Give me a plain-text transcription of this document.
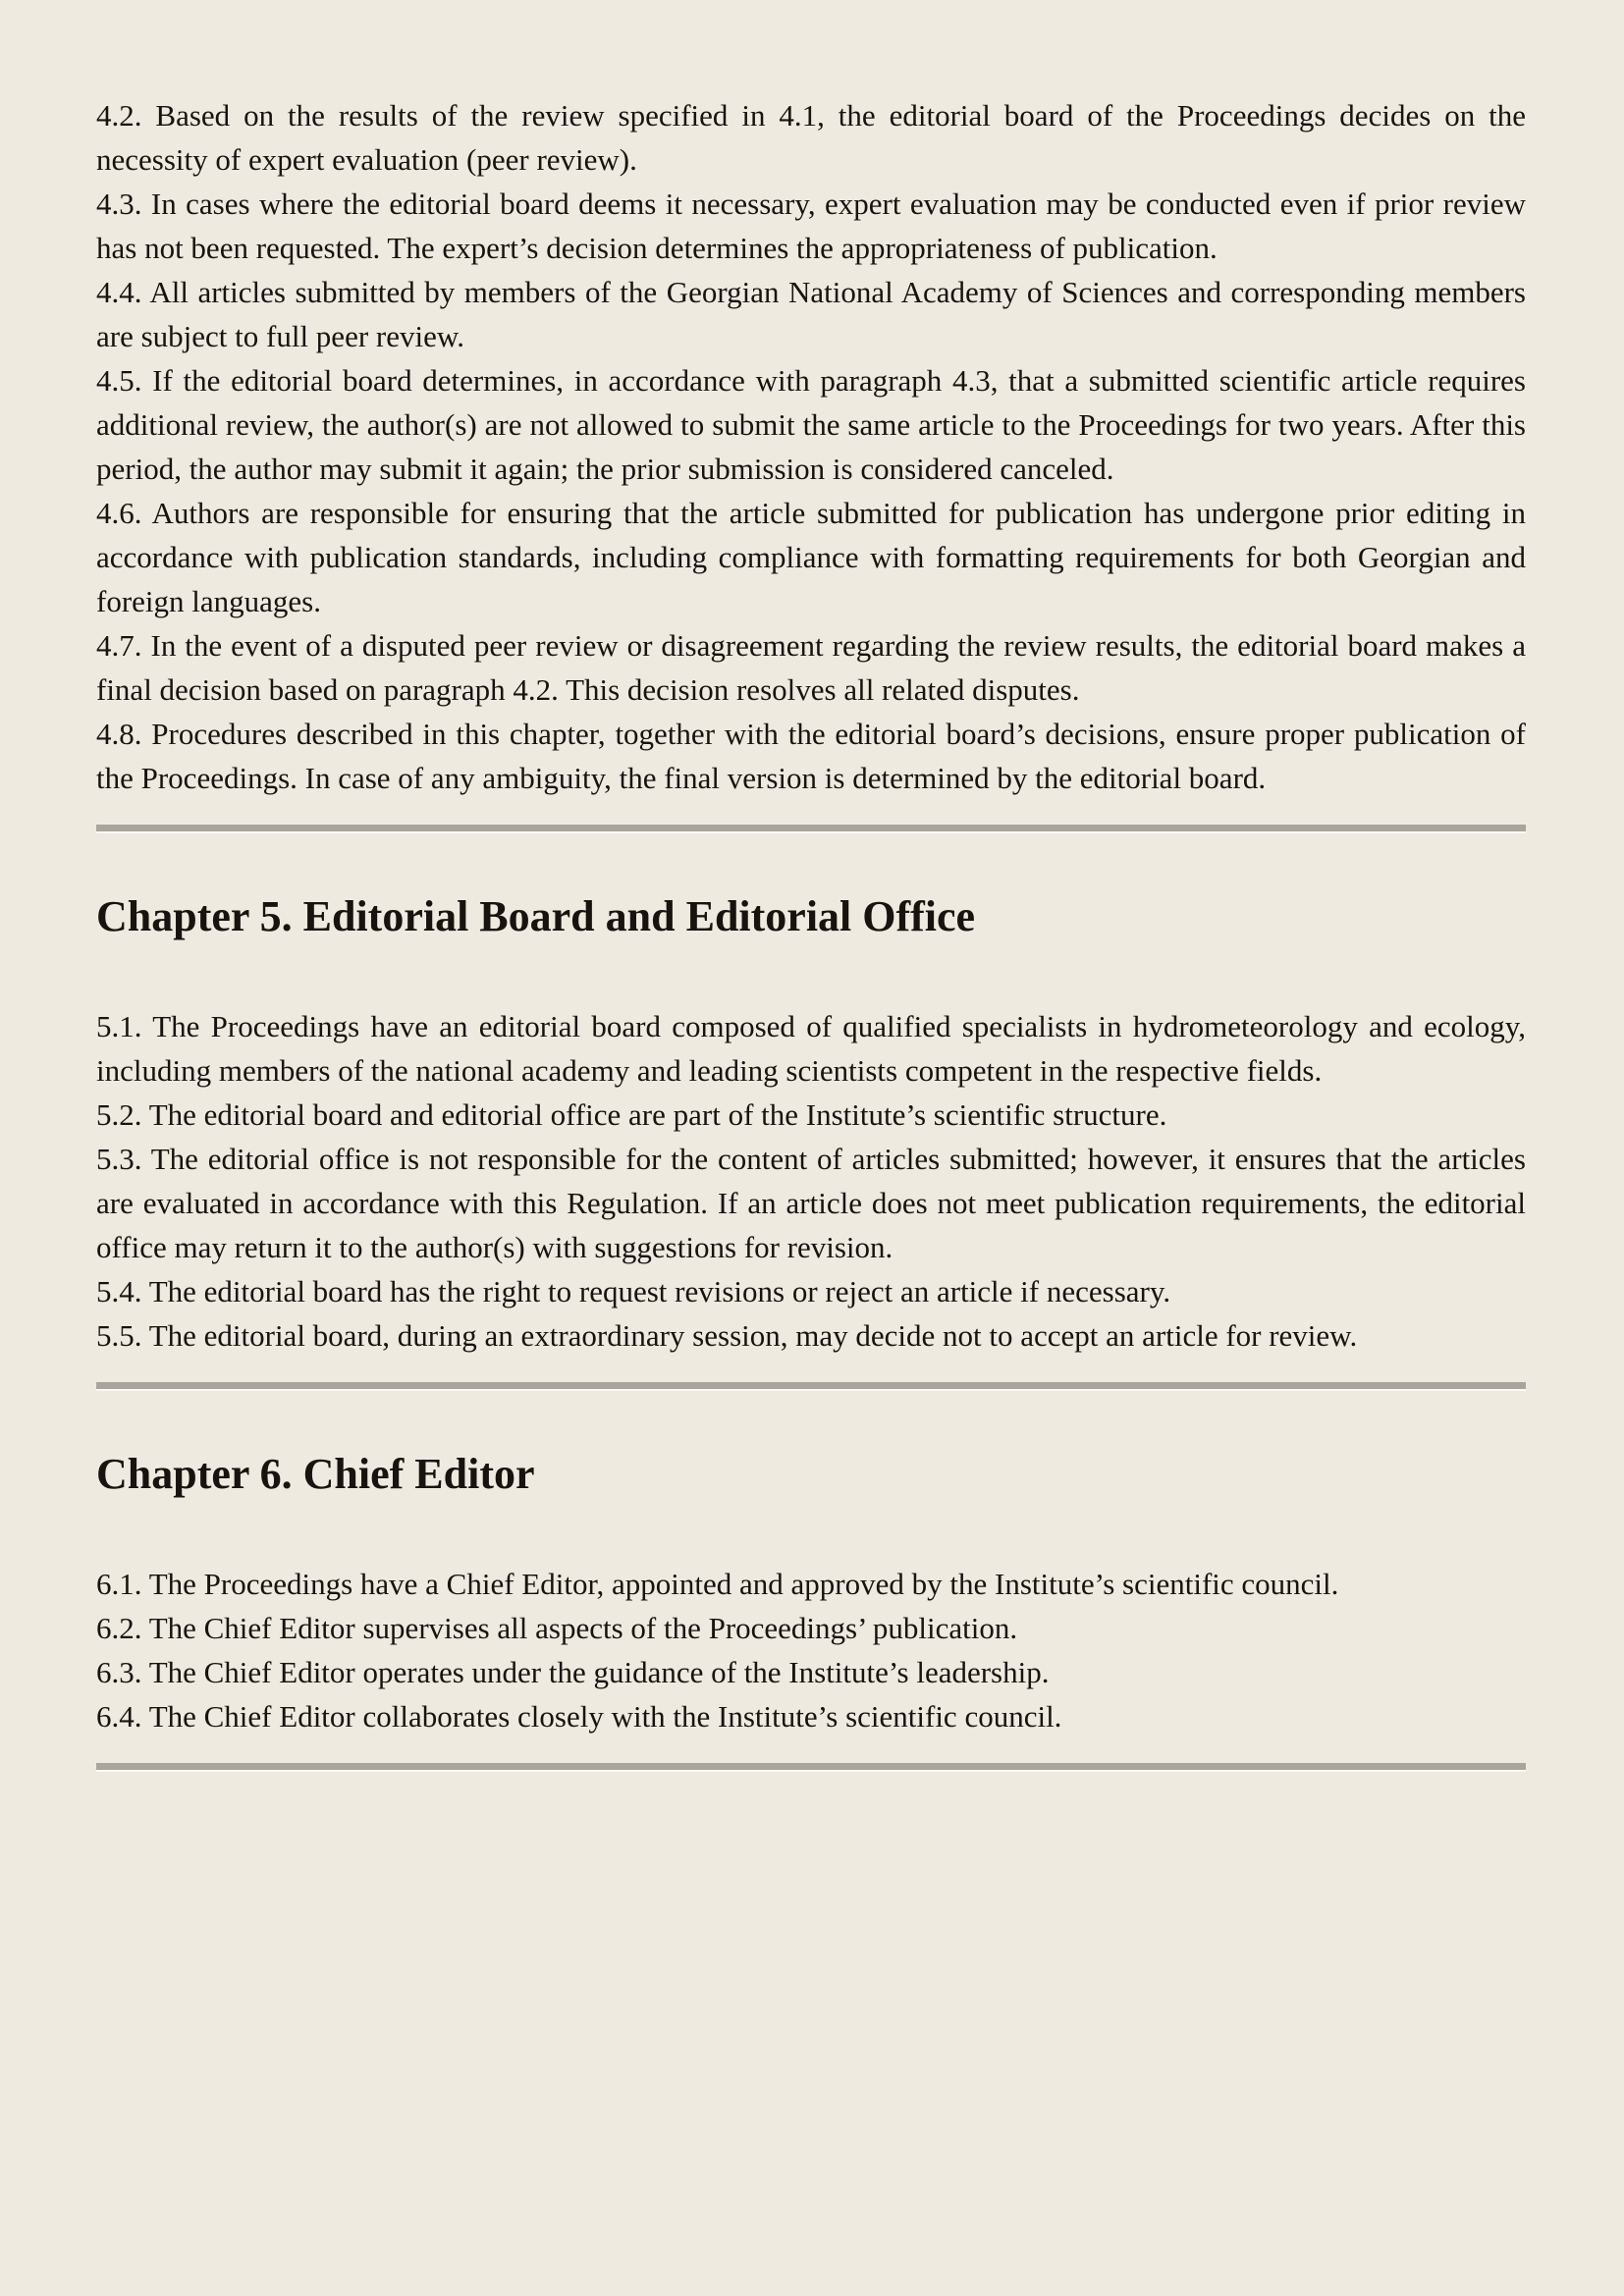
4.2. Based on the results of the review specified in 4.1, the editorial board of the Proceedings decides on the necessity of expert evaluation (peer review).

4.3. In cases where the editorial board deems it necessary, expert evaluation may be conducted even if prior review has not been requested. The expert’s decision determines the appropriateness of publication.

4.4. All articles submitted by members of the Georgian National Academy of Sciences and corresponding members are subject to full peer review.

4.5. If the editorial board determines, in accordance with paragraph 4.3, that a submitted scientific article requires additional review, the author(s) are not allowed to submit the same article to the Proceedings for two years. After this period, the author may submit it again; the prior submission is considered canceled.

4.6. Authors are responsible for ensuring that the article submitted for publication has undergone prior editing in accordance with publication standards, including compliance with formatting requirements for both Georgian and foreign languages.

4.7. In the event of a disputed peer review or disagreement regarding the review results, the editorial board makes a final decision based on paragraph 4.2. This decision resolves all related disputes.

4.8. Procedures described in this chapter, together with the editorial board’s decisions, ensure proper publication of the Proceedings. In case of any ambiguity, the final version is determined by the editorial board.

Chapter 5. Editorial Board and Editorial Office

5.1. The Proceedings have an editorial board composed of qualified specialists in hydrometeorology and ecology, including members of the national academy and leading scientists competent in the respective fields.

5.2. The editorial board and editorial office are part of the Institute’s scientific structure.

5.3. The editorial office is not responsible for the content of articles submitted; however, it ensures that the articles are evaluated in accordance with this Regulation. If an article does not meet publication requirements, the editorial office may return it to the author(s) with suggestions for revision.

5.4. The editorial board has the right to request revisions or reject an article if necessary.

5.5. The editorial board, during an extraordinary session, may decide not to accept an article for review.

Chapter 6. Chief Editor

6.1. The Proceedings have a Chief Editor, appointed and approved by the Institute’s scientific council.

6.2. The Chief Editor supervises all aspects of the Proceedings’ publication.

6.3. The Chief Editor operates under the guidance of the Institute’s leadership.

6.4. The Chief Editor collaborates closely with the Institute’s scientific council.
